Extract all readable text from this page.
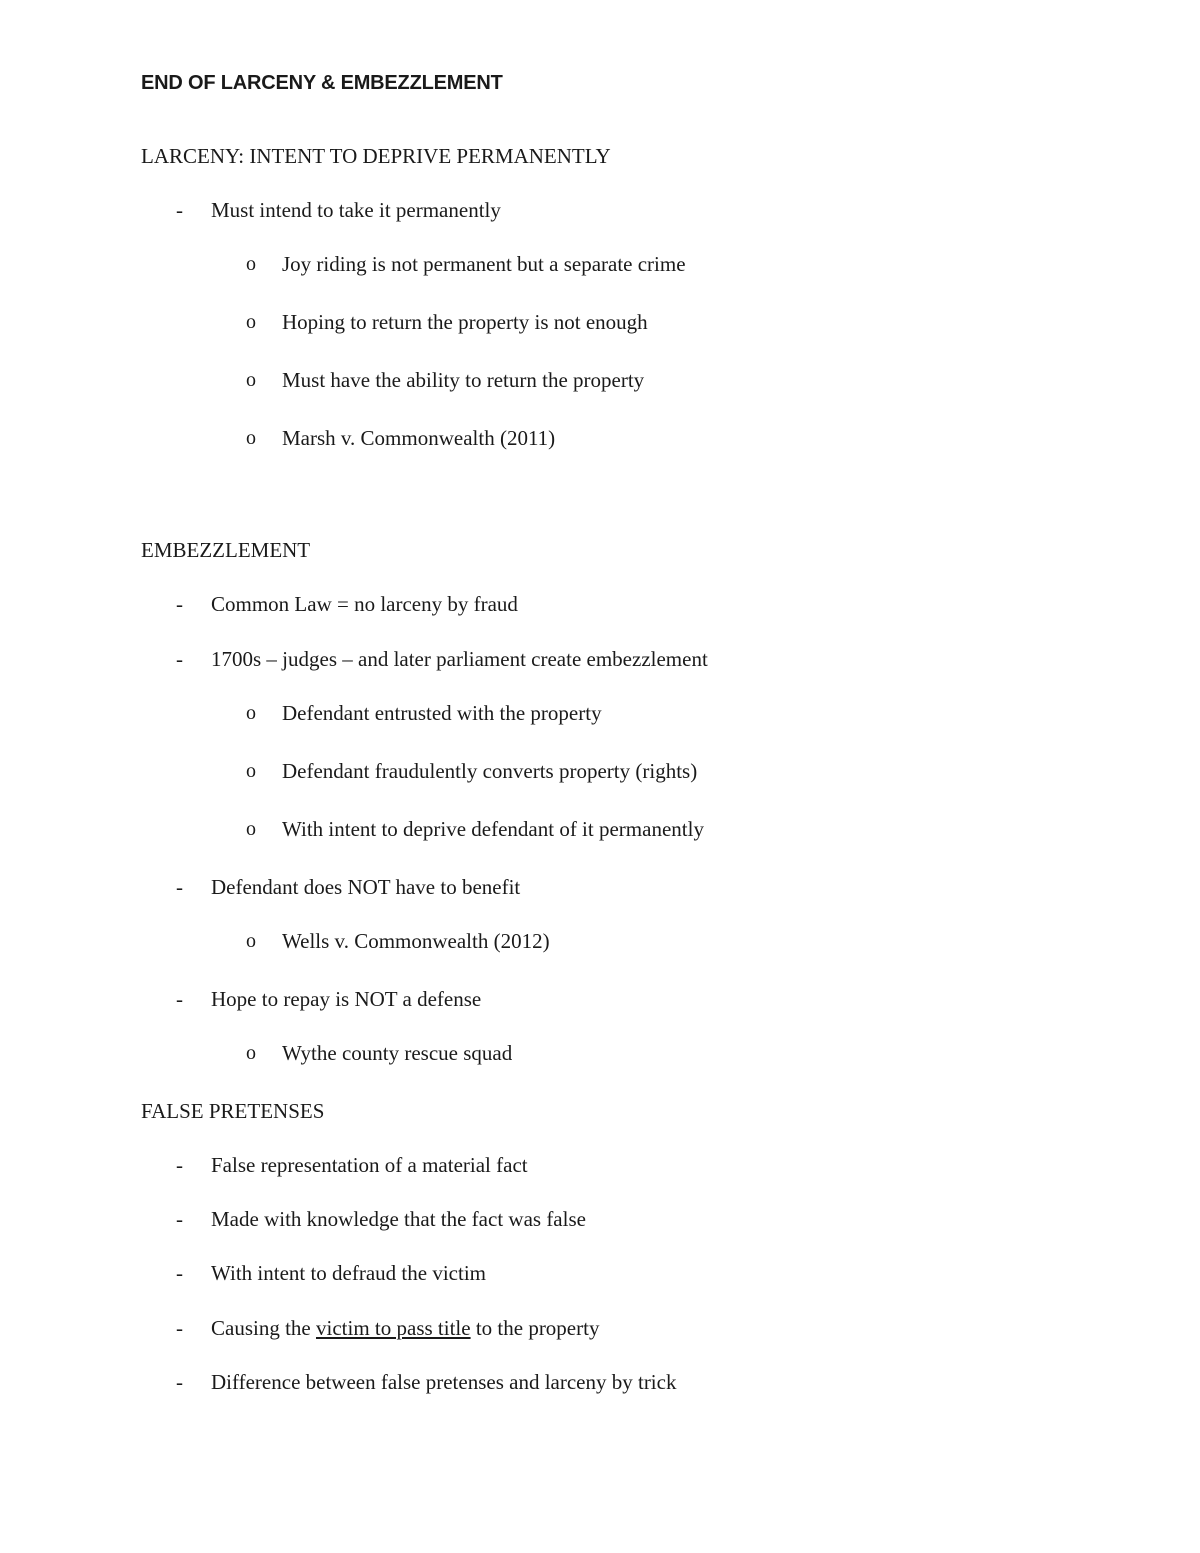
END OF LARCENY & EMBEZZLEMENT
LARCENY: INTENT TO DEPRIVE PERMANENTLY
- Must intend to take it permanently
o Joy riding is not permanent but a separate crime
o Hoping to return the property is not enough
o Must have the ability to return the property
o Marsh v. Commonwealth (2011)
EMBEZZLEMENT
- Common Law = no larceny by fraud
- 1700s – judges – and later parliament create embezzlement
o Defendant entrusted with the property
o Defendant fraudulently converts property (rights)
o With intent to deprive defendant of it permanently
- Defendant does NOT have to benefit
o Wells v. Commonwealth (2012)
- Hope to repay is NOT a defense
o Wythe county rescue squad
FALSE PRETENSES
- False representation of a material fact
- Made with knowledge that the fact was false
- With intent to defraud the victim
- Causing the victim to pass title to the property
- Difference between false pretenses and larceny by trick
